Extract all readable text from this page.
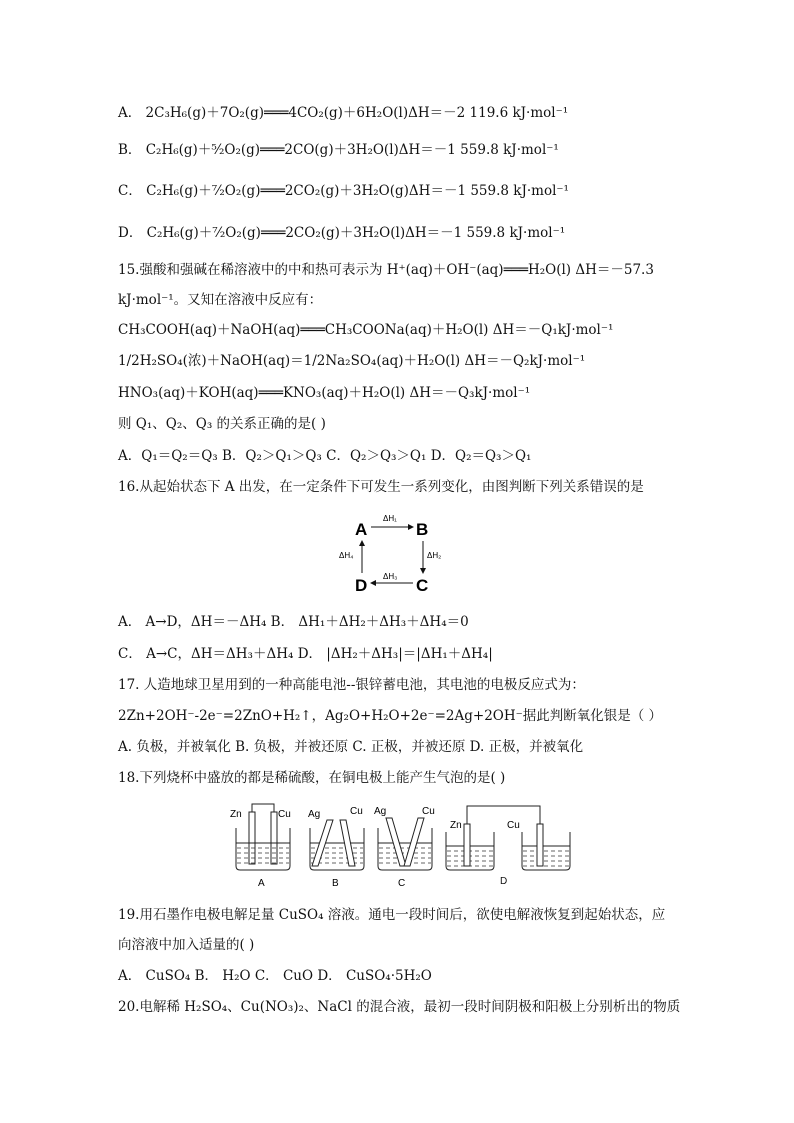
A． 2C₃H₆(g)＋7O₂(g)═══4CO₂(g)＋6H₂O(l)ΔH＝－2 119.6 kJ·mol⁻¹
B． C₂H₆(g)＋⁵⁄₂O₂(g)═══2CO(g)＋3H₂O(l)ΔH＝－1 559.8 kJ·mol⁻¹
C． C₂H₆(g)＋⁷⁄₂O₂(g)═══2CO₂(g)＋3H₂O(g)ΔH＝－1 559.8 kJ·mol⁻¹
D． C₂H₆(g)＋⁷⁄₂O₂(g)═══2CO₂(g)＋3H₂O(l)ΔH＝－1 559.8 kJ·mol⁻¹
15.强酸和强碱在稀溶液中的中和热可表示为 H⁺(aq)＋OH⁻(aq)═══H₂O(l) ΔH＝－57.3
kJ·mol⁻¹。又知在溶液中反应有：
CH₃COOH(aq)＋NaOH(aq)═══CH₃COONa(aq)＋H₂O(l) ΔH＝－Q₁kJ·mol⁻¹
1/2H₂SO₄(浓)＋NaOH(aq)＝1/2Na₂SO₄(aq)＋H₂O(l) ΔH＝－Q₂kJ·mol⁻¹
HNO₃(aq)＋KOH(aq)═══KNO₃(aq)＋H₂O(l) ΔH＝－Q₃kJ·mol⁻¹
则 Q₁、Q₂、Q₃ 的关系正确的是( )
A．Q₁＝Q₂＝Q₃ B．Q₂＞Q₁＞Q₃ C．Q₂＞Q₃＞Q₁ D．Q₂＝Q₃＞Q₁
16.从起始状态下 A 出发，在一定条件下可发生一系列变化，由图判断下列关系错误的是
A	B
C
D
ΔH₁
ΔH₂
ΔH₃
ΔH₄
A． A→D，ΔH＝－ΔH₄ B． ΔH₁＋ΔH₂＋ΔH₃＋ΔH₄＝0
C． A→C，ΔH＝ΔH₃＋ΔH₄ D． |ΔH₂＋ΔH₃|＝|ΔH₁＋ΔH₄|
17. 人造地球卫星用到的一种高能电池--银锌蓄电池，其电池的电极反应式为：
2Zn+2OH⁻-2e⁻=2ZnO+H₂↑，Ag₂O+H₂O+2e⁻=2Ag+2OH⁻据此判断氧化银是（ ）
A. 负极，并被氧化 B. 负极，并被还原 C. 正极，并被还原 D. 正极，并被氧化
18.下列烧杯中盛放的都是稀硫酸，在铜电极上能产生气泡的是( )
Zn	Cu
A
Ag	Cu
B
Ag	Cu
C
Zn	Cu
D
19.用石墨作电极电解足量 CuSO₄ 溶液。通电一段时间后，欲使电解液恢复到起始状态，应
向溶液中加入适量的( )
A． CuSO₄ B． H₂O C． CuO D． CuSO₄·5H₂O
20.电解稀 H₂SO₄、Cu(NO₃)₂、NaCl 的混合液，最初一段时间阴极和阳极上分别析出的物质
